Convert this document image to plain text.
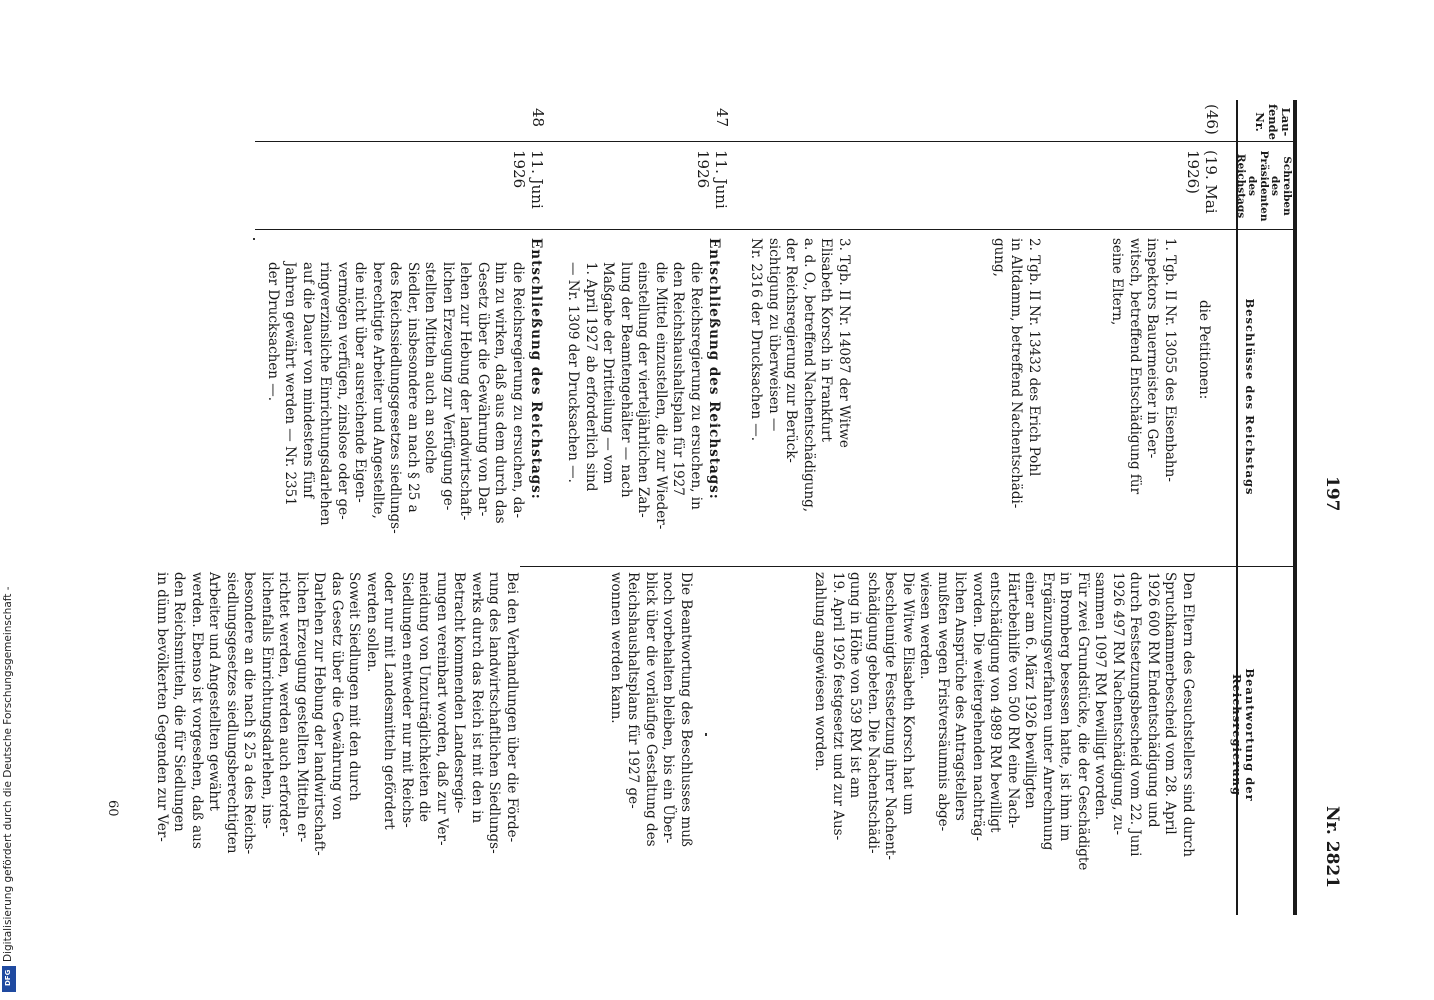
Lau-
fende
Nr.
Schreiben
des
Präsidenten
des
Reichstags
Beschlüsse des Reichstags
Beantwortung der Reichsregierung
197
Nr. 2821
(46)
(19. Mai
1926)
die Petitionen:
1. Tgb. II Nr. 13055 des Eisenbahn-
inspektors Bauermeister in Ger-
witsch, betreffend Entschädigung für
seine Eltern,
2. Tgb. II Nr. 13432 des Erich Pohl
in Altdamm, betreffend Nachentschädi-
gung,
3. Tgb. II Nr. 14087 der Witwe
Elisabeth Korsch in Frankfurt
a. d. O., betreffend Nachentschädigung,
der Reichsregierung zur Berück-
sichtigung zu überweisen —
Nr. 2316 der Drucksachen —.
Den Eltern des Gesuchstellers sind durch
Spruchkammerbescheid vom 28. April
1926 600 RM Endentschädigung und
durch Festsetzungsbescheid vom 22. Juni
1926 497 RM Nachentschädigung, zu-
sammen 1097 RM bewilligt worden.
Für zwei Grundstücke, die der Geschädigte
in Bromberg besessen hatte, ist ihm im
Ergänzungsverfahren unter Anrechnung
einer am 6. März 1926 bewilligten
Härtebeihilfe von 500 RM eine Nach-
entschädigung von 4989 RM bewilligt
worden. Die weitergehenden nachträg-
lichen Ansprüche des Antragstellers
mußten wegen Fristversäumnis abge-
wiesen werden.
Die Witwe Elisabeth Korsch hat um
beschleunigte Festsetzung ihrer Nachent-
schädigung gebeten. Die Nachentschädi-
gung in Höhe von 539 RM ist am
19. April 1926 festgesetzt und zur Aus-
zahlung angewiesen worden.
47
11. Juni
1926
Entschließung des Reichstags:
die Reichsregierung zu ersuchen, in
den Reichshaushaltsplan für 1927
die Mittel einzustellen, die zur Wieder-
einstellung der vierteljährlichen Zah-
lung der Beamtengehälter — nach
Maßgabe der Dritteilung — vom
1. April 1927 ab erforderlich sind
— Nr. 1309 der Drucksachen —.
Die Beantwortung des Beschlusses muß
noch vorbehalten bleiben, bis ein Über-
blick über die vorläufige Gestaltung des
Reichshaushaltsplans für 1927 ge-
wonnen werden kann.
48
11. Juni
1926
Entschließung des Reichstags:
die Reichsregierung zu ersuchen, da-
hin zu wirken, daß aus dem durch das
Gesetz über die Gewährung von Dar-
lehen zur Hebung der landwirtschaft-
lichen Erzeugung zur Verfügung ge-
stellten Mitteln auch an solche
Siedler, insbesondere an nach § 25 a
des Reichssiedlungsgesetzes siedlungs-
berechtigte Arbeiter und Angestellte,
die nicht über ausreichende Eigen-
vermögen verfügen, zinslose oder ge-
ringverzinsliche Einrichtungsdarlehen
auf die Dauer von mindestens fünf
Jahren gewährt werden — Nr. 2351
der Drucksachen —.
Bei den Verhandlungen über die Förde-
rung des landwirtschaftlichen Siedlungs-
werks durch das Reich ist mit den in
Betracht kommenden Landesregie-
rungen vereinbart worden, daß zur Ver-
meidung von Unzuträglichkeiten die
Siedlungen entweder nur mit Reichs-
oder nur mit Landesmitteln gefördert
werden sollen.
Soweit Siedlungen mit den durch
das Gesetz über die Gewährung von
Darlehen zur Hebung der landwirtschaft-
lichen Erzeugung gestellten Mitteln er-
richtet werden, werden auch erforder-
lichenfalls Einrichtungsdarlehen, ins-
besondere an die nach § 25 a des Reichs-
siedlungsgesetzes siedlungsberechtigten
Arbeiter und Angestellten gewährt
werden. Ebenso ist vorgesehen, daß aus
den Reichsmitteln, die für Siedlungen
in dünn bevölkerten Gegenden zur Ver-
60
Digitalisierung gefördert durch die Deutsche Forschungsgemeinschaft -
DFG
